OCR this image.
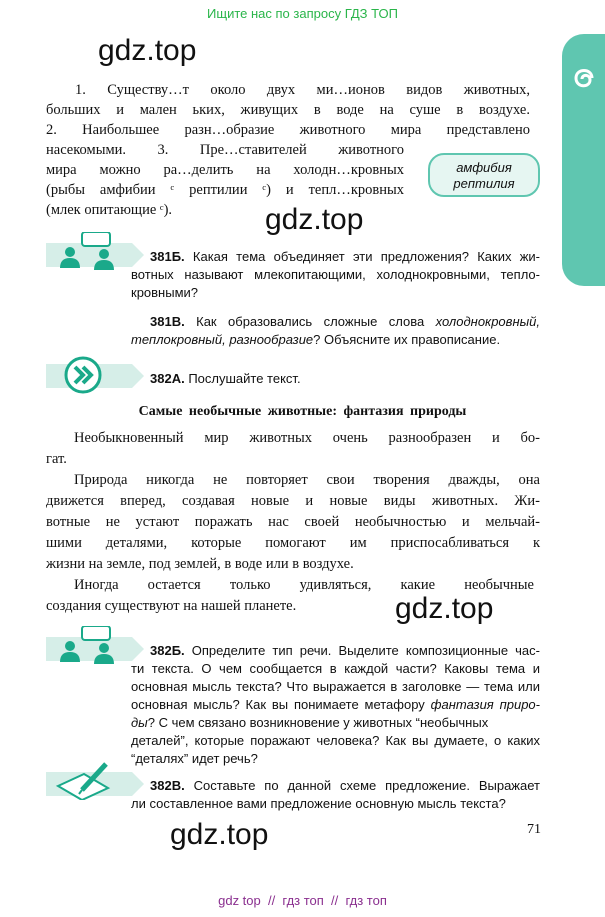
Ищите нас по запросу ГДЗ ТОП
gdz.top
1. Существу…т около двух ми…ионов видов животных,
больших и мален ьких, живущих в воде на суше в воздухе.
2. Наибольшее разн…образие животного мира представлено
насекомыми. 3. Пре…ставителей животного
мира можно ра…делить на холодн…кровных
(рыбы амфибии ᶜ рептилии ᶜ) и тепл…кровных
(млек опитающие ᶜ).
амфибия
рептилия
gdz.top
381Б. Какая тема объединяет эти предложения? Каких жи-
вотных называют млекопитающими, холоднокровными, тепло-
кровными?
381В. Как образовались сложные слова холоднокровный,
теплокровный, разнообразие? Объясните их правописание.
382А. Послушайте текст.
Самые необычные животные: фантазия природы
Необыкновенный мир животных очень разнообразен и бо-
гат.
Природа никогда не повторяет свои творения дважды, она
движется вперед, создавая новые и новые виды животных. Жи-
вотные не устают поражать нас своей необычностью и мельчай-
шими деталями, которые помогают им приспосабливаться к
жизни на земле, под землей, в воде или в воздухе.
Иногда остается только удивляться, какие необычные
создания существуют на нашей планете.	gdz.top
382Б. Определите тип речи. Выделите композиционные час-
ти текста. О чем сообщается в каждой части? Каковы тема и
основная мысль текста? Что выражается в заголовке — тема или
основная мысль? Как вы понимаете метафору фантазия приро-
ды? С чем связано возникновение у животных “необычных
деталей”, которые поражают человека? Как вы думаете, о каких
“деталях” идет речь?
382В. Составьте по данной схеме предложение. Выражает
ли составленное вами предложение основную мысль текста?
71
gdz.top
gdz top  //  гдз топ  //  гдз топ
